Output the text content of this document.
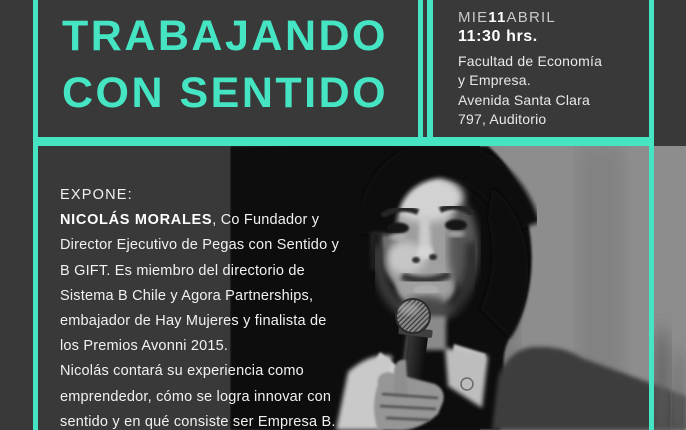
TRABAJANDO
CON SENTIDO
MIE11ABRIL
11:30 hrs.
Facultad de Economía
y Empresa.
Avenida Santa Clara
797, Auditorio
EXPONE:
NICOLÁS MORALES, Co Fundador y
Director Ejecutivo de Pegas con Sentido y
B GIFT. Es miembro del directorio de
Sistema B Chile y Agora Partnerships,
embajador de Hay Mujeres y finalista de
los Premios Avonni 2015.
Nicolás contará su experiencia como
emprendedor, cómo se logra innovar con
sentido y en qué consiste ser Empresa B.
